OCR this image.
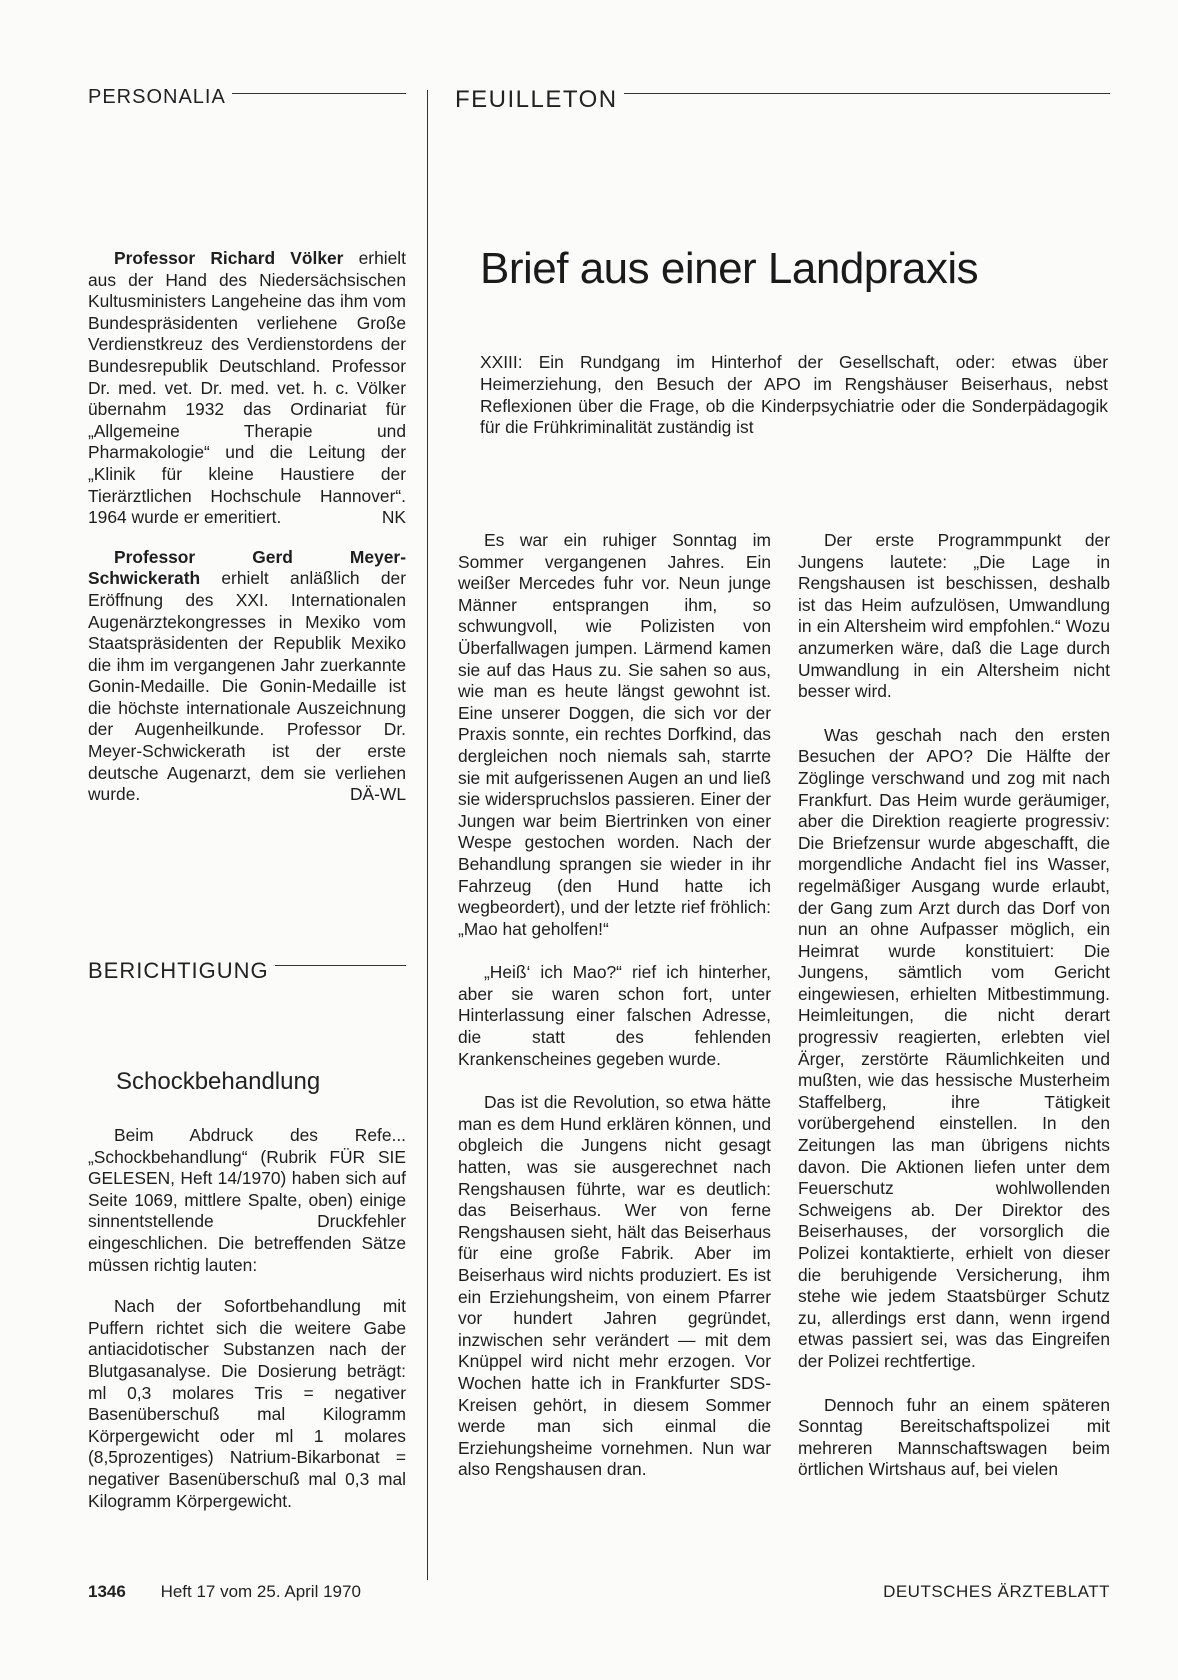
PERSONALIA	FEUILLETON

Professor Richard Völker erhielt aus der Hand des Niedersächsischen Kultusministers Langeheine das ihm vom Bundespräsidenten verliehene Große Verdienstkreuz des Verdienstordens der Bundesrepublik Deutschland. Professor Dr. med. vet. Dr. med. vet. h. c. Völker übernahm 1932 das Ordinariat für „Allgemeine Therapie und Pharmakologie“ und die Leitung der „Klinik für kleine Haustiere der Tierärztlichen Hochschule Hannover“. 1964 wurde er emeritiert.	NK

Professor Gerd Meyer-Schwickerath erhielt anläßlich der Eröffnung des XXI. Internationalen Augenärztekongresses in Mexiko vom Staatspräsidenten der Republik Mexiko die ihm im vergangenen Jahr zuerkannte Gonin-Medaille. Die Gonin-Medaille ist die höchste internationale Auszeichnung der Augenheilkunde. Professor Dr. Meyer-Schwickerath ist der erste deutsche Augenarzt, dem sie verliehen wurde.	DÄ-WL

BERICHTIGUNG
Schockbehandlung

Beim Abdruck des Refe... „Schockbehandlung“ (Rubrik FÜR SIE GELESEN, Heft 14/1970) haben sich auf Seite 1069, mittlere Spalte, oben) einige sinnentstellende Druckfehler eingeschlichen. Die betreffenden Sätze müssen richtig lauten:

Nach der Sofortbehandlung mit Puffern richtet sich die weitere Gabe antiacidotischer Substanzen nach der Blutgasanalyse. Die Dosierung beträgt: ml 0,3 molares Tris = negativer Basenüberschuß mal Kilogramm Körpergewicht oder ml 1 molares (8,5prozentiges) Natrium-Bikarbonat = negativer Basenüberschuß mal 0,3 mal Kilogramm Körpergewicht.

Brief aus einer Landpraxis
XXIII: Ein Rundgang im Hinterhof der Gesellschaft, oder: etwas über Heimerziehung, den Besuch der APO im Rengshäuser Beiserhaus, nebst Reflexionen über die Frage, ob die Kinderpsychiatrie oder die Sonderpädagogik für die Frühkriminalität zuständig ist

Es war ein ruhiger Sonntag im Sommer vergangenen Jahres. Ein weißer Mercedes fuhr vor. Neun junge Männer entsprangen ihm, so schwungvoll, wie Polizisten von Überfallwagen jumpen. Lärmend kamen sie auf das Haus zu. Sie sahen so aus, wie man es heute längst gewohnt ist. Eine unserer Doggen, die sich vor der Praxis sonnte, ein rechtes Dorfkind, das dergleichen noch niemals sah, starrte sie mit aufgerissenen Augen an und ließ sie widerspruchslos passieren. Einer der Jungen war beim Biertrinken von einer Wespe gestochen worden. Nach der Behandlung sprangen sie wieder in ihr Fahrzeug (den Hund hatte ich wegbeordert), und der letzte rief fröhlich: „Mao hat geholfen!“

„Heiß‘ ich Mao?“ rief ich hinterher, aber sie waren schon fort, unter Hinterlassung einer falschen Adresse, die statt des fehlenden Krankenscheines gegeben wurde.

Das ist die Revolution, so etwa hätte man es dem Hund erklären können, und obgleich die Jungens nicht gesagt hatten, was sie ausgerechnet nach Rengshausen führte, war es deutlich: das Beiserhaus. Wer von ferne Rengshausen sieht, hält das Beiserhaus für eine große Fabrik. Aber im Beiserhaus wird nichts produziert. Es ist ein Erziehungsheim, von einem Pfarrer vor hundert Jahren gegründet, inzwischen sehr verändert — mit dem Knüppel wird nicht mehr erzogen. Vor Wochen hatte ich in Frankfurter SDS-Kreisen gehört, in diesem Sommer werde man sich einmal die Erziehungsheime vornehmen. Nun war also Rengshausen dran.

Der erste Programmpunkt der Jungens lautete: „Die Lage in Rengshausen ist beschissen, deshalb ist das Heim aufzulösen, Umwandlung in ein Altersheim wird empfohlen.“ Wozu anzumerken wäre, daß die Lage durch Umwandlung in ein Altersheim nicht besser wird.

Was geschah nach den ersten Besuchen der APO? Die Hälfte der Zöglinge verschwand und zog mit nach Frankfurt. Das Heim wurde geräumiger, aber die Direktion reagierte progressiv: Die Briefzensur wurde abgeschafft, die morgendliche Andacht fiel ins Wasser, regelmäßiger Ausgang wurde erlaubt, der Gang zum Arzt durch das Dorf von nun an ohne Aufpasser möglich, ein Heimrat wurde konstituiert: Die Jungens, sämtlich vom Gericht eingewiesen, erhielten Mitbestimmung. Heimleitungen, die nicht derart progressiv reagierten, erlebten viel Ärger, zerstörte Räumlichkeiten und mußten, wie das hessische Musterheim Staffelberg, ihre Tätigkeit vorübergehend einstellen. In den Zeitungen las man übrigens nichts davon. Die Aktionen liefen unter dem Feuerschutz wohlwollenden Schweigens ab. Der Direktor des Beiserhauses, der vorsorglich die Polizei kontaktierte, erhielt von dieser die beruhigende Versicherung, ihm stehe wie jedem Staatsbürger Schutz zu, allerdings erst dann, wenn irgend etwas passiert sei, was das Eingreifen der Polizei rechtfertige.

Dennoch fuhr an einem späteren Sonntag Bereitschaftspolizei mit mehreren Mannschaftswagen beim örtlichen Wirtshaus auf, bei vielen

1346 Heft 17 vom 25. April 1970	DEUTSCHES ÄRZTEBLATT
